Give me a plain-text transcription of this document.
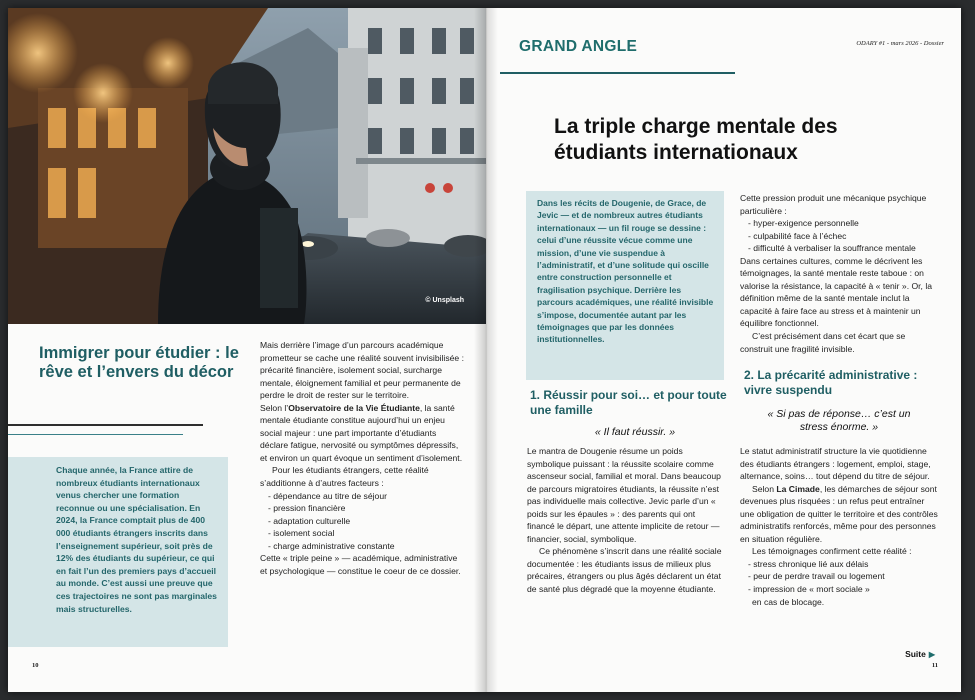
© Unsplash
Immigrer pour étudier : le rêve et l’envers du décor

Chaque année, la France attire de nombreux étudiants internationaux venus chercher une formation reconnue ou une spécialisation. En 2024, la France comptait plus de 400 000 étudiants étrangers inscrits dans l’enseignement supérieur, soit près de 12% des étudiants du supérieur, ce qui en fait l’un des premiers pays d’accueil au monde. C’est aussi une preuve que ces trajectoires ne sont pas marginales mais structurelles.

Mais derrière l’image d’un parcours académique prometteur se cache une réalité souvent invisibilisée : précarité financière, isolement social, surcharge mentale, éloignement familial et peur permanente de perdre le droit de rester sur le territoire.

Selon l’Observatoire de la Vie Étudiante, la santé mentale étudiante constitue aujourd’hui un enjeu social majeur : une part importante d’étudiants déclare fatigue, nervosité ou symptômes dépressifs, et environ un quart évoque un sentiment d’isolement.

Pour les étudiants étrangers, cette réalité s’additionne à d’autres facteurs :

- dépendance au titre de séjour
- pression financière
- adaptation culturelle
- isolement social
- charge administrative constante

Cette « triple peine » — académique, administrative et psychologique — constitue le coeur de ce dossier.

10
GRAND ANGLE	ODARY #1 - mars 2026 - Dossier
La triple charge mentale des étudiants internationaux

Dans les récits de Dougenie, de Grace, de Jevic — et de nombreux autres étudiants internationaux — un fil rouge se dessine : celui d’une réussite vécue comme une mission, d’une vie suspendue à l’administratif, et d’une solitude qui oscille entre construction personnelle et fragilisation psychique. Derrière les parcours académiques, une réalité invisible s’impose, documentée autant par les témoignages que par les données institutionnelles.

1. Réussir pour soi… et pour toute une famille
« Il faut réussir. »

Le mantra de Dougenie résume un poids symbolique puissant : la réussite scolaire comme ascenseur social, familial et moral. Dans beaucoup de parcours migratoires étudiants, la réussite n’est pas individuelle mais collective. Jevic parle d’un « poids sur les épaules » : des parents qui ont financé le départ, une attente implicite de retour — financier, social, symbolique.

Ce phénomène s’inscrit dans une réalité sociale documentée : les étudiants issus de milieux plus précaires, étrangers ou plus âgés déclarent un état de santé plus dégradé que la moyenne étudiante.

Cette pression produit une mécanique psychique particulière :

- hyper-exigence personnelle
- culpabilité face à l’échec
- difficulté à verbaliser la souffrance mentale

Dans certaines cultures, comme le décrivent les témoignages, la santé mentale reste taboue : on valorise la résistance, la capacité à « tenir ». Or, la définition même de la santé mentale inclut la capacité à faire face au stress et à maintenir un équilibre fonctionnel.

C’est précisément dans cet écart que se construit une fragilité invisible.

2. La précarité administrative : vivre suspendu
« Si pas de réponse… c’est un stress énorme. »

Le statut administratif structure la vie quotidienne des étudiants étrangers : logement, emploi, stage, alternance, soins… tout dépend du titre de séjour.

Selon La Cimade, les démarches de séjour sont devenues plus risquées : un refus peut entraîner une obligation de quitter le territoire et des contrôles administratifs renforcés, même pour des personnes en situation régulière.

Les témoignages confirment cette réalité :

- stress chronique lié aux délais
- peur de perdre travail ou logement
- impression de « mort sociale »

en cas de blocage.

Suite ▶
11
